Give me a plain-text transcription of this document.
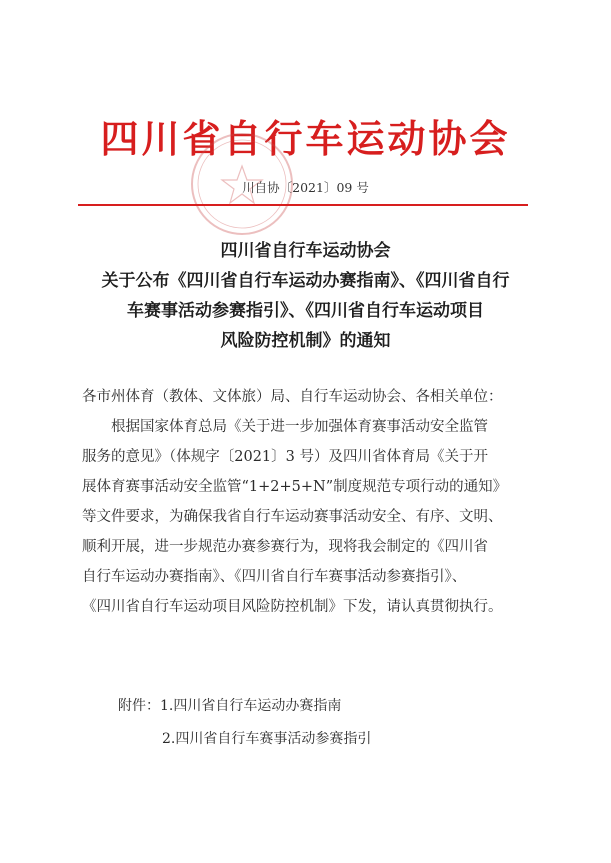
四川省自行车运动协会
川自协〔2021〕09 号
四川省自行车运动协会
关于公布《四川省自行车运动办赛指南》、《四川省自行
车赛事活动参赛指引》、《四川省自行车运动项目
风险防控机制》的通知
各市州体育（教体、文体旅）局、自行车运动协会、各相关单位：
　　根据国家体育总局《关于进一步加强体育赛事活动安全监管
服务的意见》（体规字〔2021〕3 号）及四川省体育局《关于开
展体育赛事活动安全监管“1+2+5+N”制度规范专项行动的通知》
等文件要求，为确保我省自行车运动赛事活动安全、有序、文明、
顺利开展，进一步规范办赛参赛行为，现将我会制定的《四川省
自行车运动办赛指南》、《四川省自行车赛事活动参赛指引》、
《四川省自行车运动项目风险防控机制》下发，请认真贯彻执行。
附件：1.四川省自行车运动办赛指南
2.四川省自行车赛事活动参赛指引
